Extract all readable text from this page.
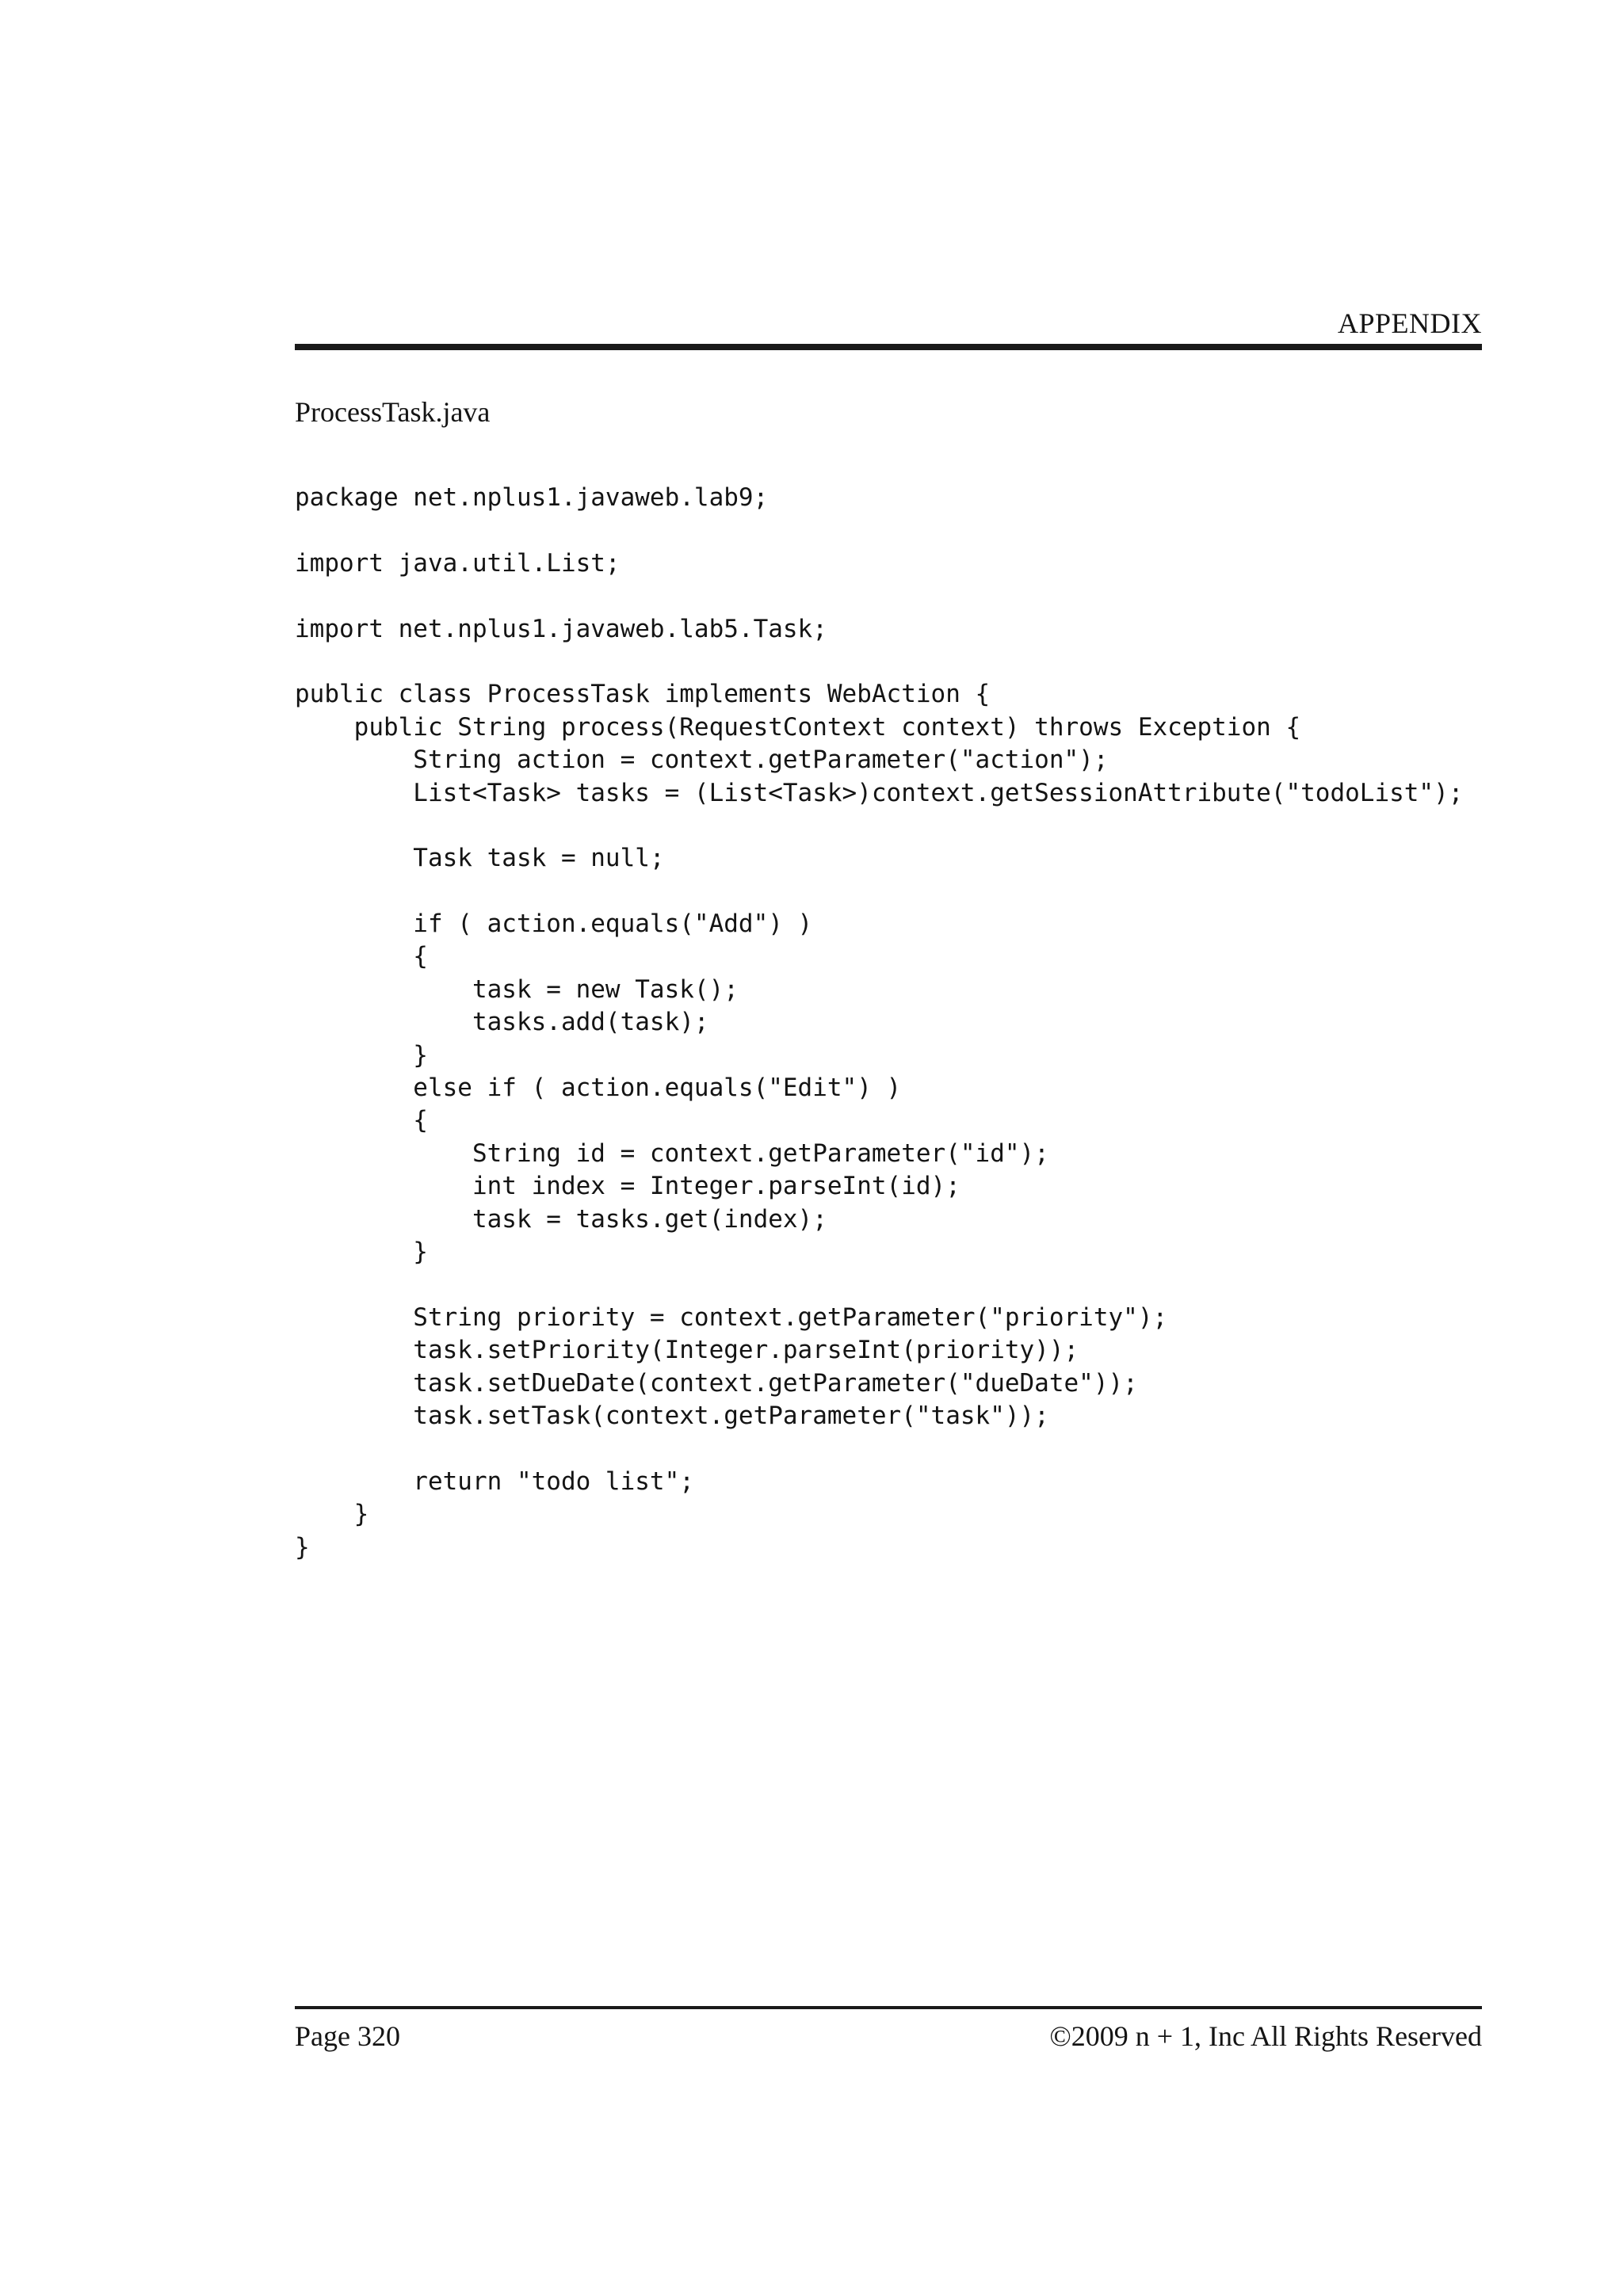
APPENDIX
ProcessTask.java
package net.nplus1.javaweb.lab9;
import java.util.List;
import net.nplus1.javaweb.lab5.Task;
public class ProcessTask implements WebAction {
public String process(RequestContext context) throws Exception {
String action = context.getParameter("action");
List<Task> tasks = (List<Task>)context.getSessionAttribute("todoList");
Task task = null;
if ( action.equals("Add") )
{
task = new Task();
tasks.add(task);
}
else if ( action.equals("Edit") )
{
String id = context.getParameter("id");
int index = Integer.parseInt(id);
task = tasks.get(index);
}
String priority = context.getParameter("priority");
task.setPriority(Integer.parseInt(priority));
task.setDueDate(context.getParameter("dueDate"));
task.setTask(context.getParameter("task"));
return "todo list";
}
}
Page 320	©2009 n + 1, Inc All Rights Reserved
